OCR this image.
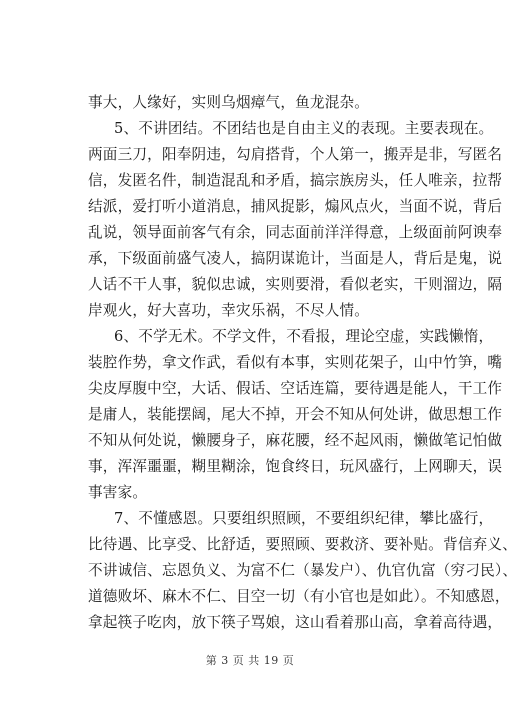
事大，人缘好，实则乌烟瘴气，鱼龙混杂。
5、不讲团结。不团结也是自由主义的表现。主要表现在。
两面三刀，阳奉阴违，勾肩搭背，个人第一，搬弄是非，写匿名
信，发匿名件，制造混乱和矛盾，搞宗族房头，任人唯亲，拉帮
结派，爱打听小道消息，捕风捉影，煽风点火，当面不说，背后
乱说，领导面前客气有余，同志面前洋洋得意，上级面前阿谀奉
承，下级面前盛气凌人，搞阴谋诡计，当面是人，背后是鬼，说
人话不干人事，貌似忠诚，实则要滑，看似老实，干则溜边，隔
岸观火，好大喜功，幸灾乐祸，不尽人情。
6、不学无术。不学文件，不看报，理论空虚，实践懒惰，
装腔作势，拿文作武，看似有本事，实则花架子，山中竹笋，嘴
尖皮厚腹中空，大话、假话、空话连篇，要待遇是能人，干工作
是庸人，装能摆阔，尾大不掉，开会不知从何处讲，做思想工作
不知从何处说，懒腰身子，麻花腰，经不起风雨，懒做笔记怕做
事，浑浑噩噩，糊里糊涂，饱食终日，玩风盛行，上网聊天，误
事害家。
7、不懂感恩。只要组织照顾，不要组织纪律，攀比盛行，
比待遇、比享受、比舒适，要照顾、要救济、要补贴。背信弃义、
不讲诚信、忘恩负义、为富不仁（暴发户）、仇官仇富（穷刁民）、
道德败坏、麻木不仁、目空一切（有小官也是如此）。不知感恩，
拿起筷子吃肉，放下筷子骂娘，这山看着那山高，拿着高待遇，
第 3 页 共 19 页
